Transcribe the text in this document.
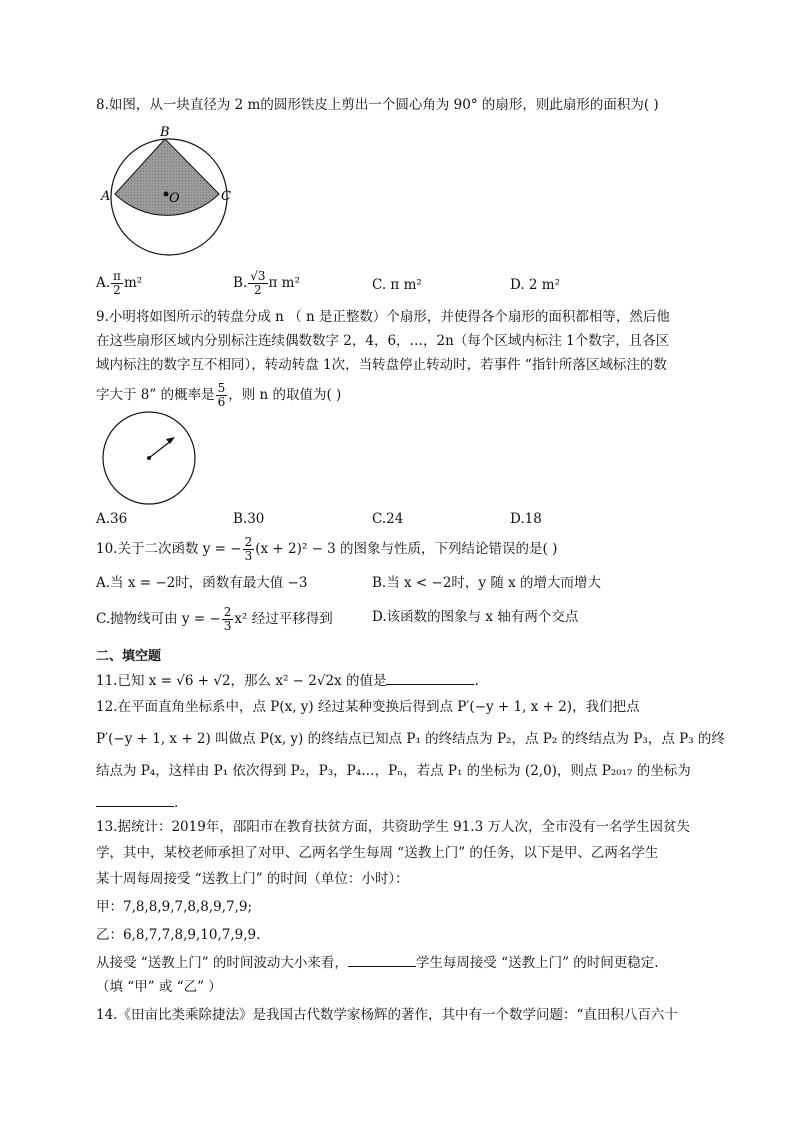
8.如图，从一块直径为 2 m的圆形铁皮上剪出一个圆心角为 90° 的扇形，则此扇形的面积为( )
B
A	C
O
A. $\frac{\pi}{2} m^2$	B. $\frac{√3}{2}$ π m²	C. π m²	D. 2 m²
9.小明将如图所示的转盘分成 n （ n 是正整数）个扇形，并使得各个扇形的面积都相等，然后他
在这些扇形区域内分别标注连续偶数数字 2，4，6，…，2n（每个区域内标注 1个数字，且各区
域内标注的数字互不相同），转动转盘 1次，当转盘停止转动时，若事件 “指针所落区域标注的数
字大于 8” 的概率是 $\frac{5}{6}$ ，则 n 的取值为( )
A.36	B.30	C.24	D.18
10.关于二次函数 y = − $\frac{2}{3} (x + 2)^2 - 3$ 的图象与性质，下列结论错误的是( )
A.当 x = −2时，函数有最大值 −3	B.当 x < −2时，y 随 x 的增大而增大
C.抛物线可由 y = − $\frac{2}{3} x^2$ 经过平移得到	D.该函数的图象与 x 轴有两个交点
二、填空题
11.已知 x = √6 + √2，那么 x² − 2√2x 的值是	.
12.在平面直角坐标系中，点 P(x, y) 经过某种变换后得到点 P′(−y + 1, x + 2)，我们把点
P′(−y + 1, x + 2) 叫做点 P(x, y) 的终结点已知点 P₁ 的终结点为 P₂，点 P₂ 的终结点为 P₃，点 P₃ 的终
结点为 P₄，这样由 P₁ 依次得到 P₂，P₃，P₄…，Pₙ，若点 P₁ 的坐标为 (2,0)，则点 P₂₀₁₇ 的坐标为
.
13.据统计：2019年，邵阳市在教育扶贫方面，共资助学生 91.3 万人次，全市没有一名学生因贫失
学，其中，某校老师承担了对甲、乙两名学生每周 “送教上门” 的任务，以下是甲、乙两名学生
某十周每周接受 “送教上门” 的时间（单位：小时）：
甲：7,8,8,9,7,8,8,9,7,9;
乙：6,8,7,7,8,9,10,7,9,9.
从接受 “送教上门” 的时间波动大小来看，	学生每周接受 “送教上门” 的时间更稳定.
（填 “甲” 或 “乙” ）
14.《田亩比类乘除捷法》是我国古代数学家杨辉的著作，其中有一个数学问题：“直田积八百六十
